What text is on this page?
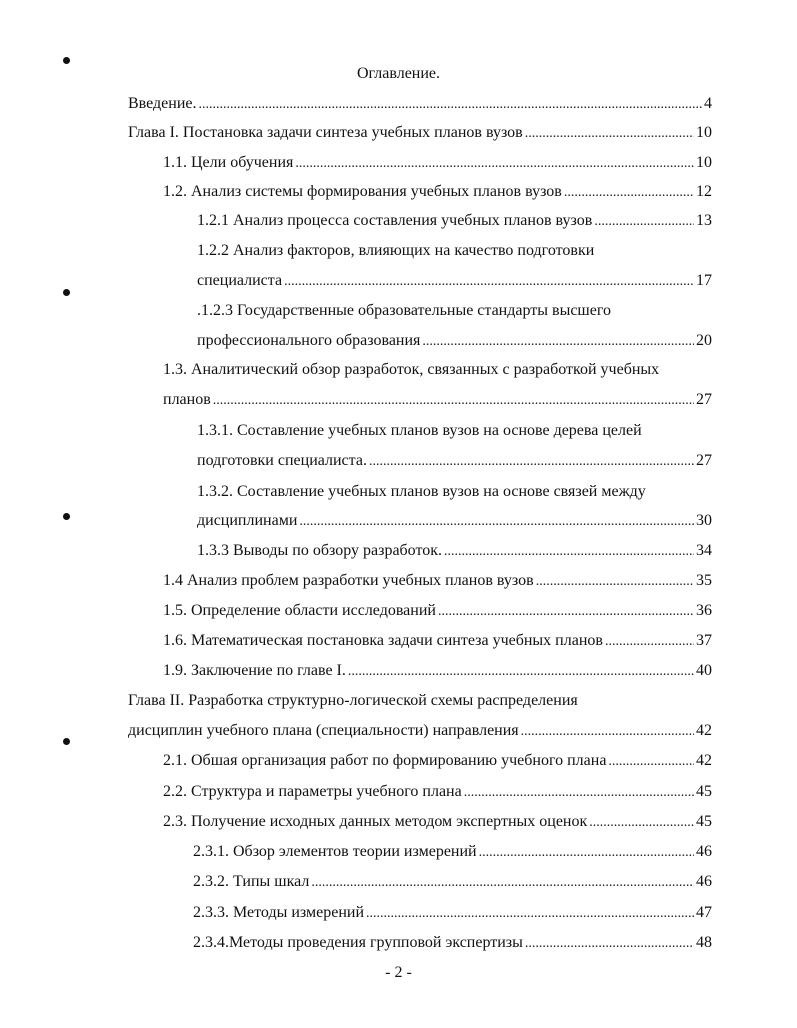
Оглавление.
Введение. .....	4
Глава I. Постановка задачи синтеза учебных планов вузов .....	10
1.1. Цели обучения .....	10
1.2. Анализ системы формирования учебных планов вузов .....	12
1.2.1 Анализ процесса составления учебных планов вузов .....	13
1.2.2 Анализ факторов, влияющих на качество подготовки
специалиста .....	17
.1.2.3 Государственные образовательные стандарты высшего
профессионального образования .....	20
1.3. Аналитический обзор разработок, связанных с разработкой учебных
планов .....	27
1.3.1. Составление учебных планов вузов на основе дерева целей
подготовки специалиста. .....	27
1.3.2. Составление учебных планов вузов на основе связей между
дисциплинами .....	30
1.3.3 Выводы по обзору разработок. .....	34
1.4 Анализ проблем разработки учебных планов вузов .....	35
1.5. Определение области исследований .....	36
1.6. Математическая постановка задачи синтеза учебных планов .....	37
1.9. Заключение по главе I. .....	40
Глава II. Разработка структурно-логической схемы распределения
дисциплин учебного плана (специальности) направления .....	42
2.1. Обшая организация работ по формированию учебного плана .....	42
2.2. Структура и параметры учебного плана .....	45
2.3. Получение исходных данных методом экспертных оценок .....	45
2.3.1. Обзор элементов теории измерений .....	46
2.3.2. Типы шкал .....	46
2.3.3. Методы измерений .....	47
2.3.4.Методы проведения групповой экспертизы .....	48
- 2 -
